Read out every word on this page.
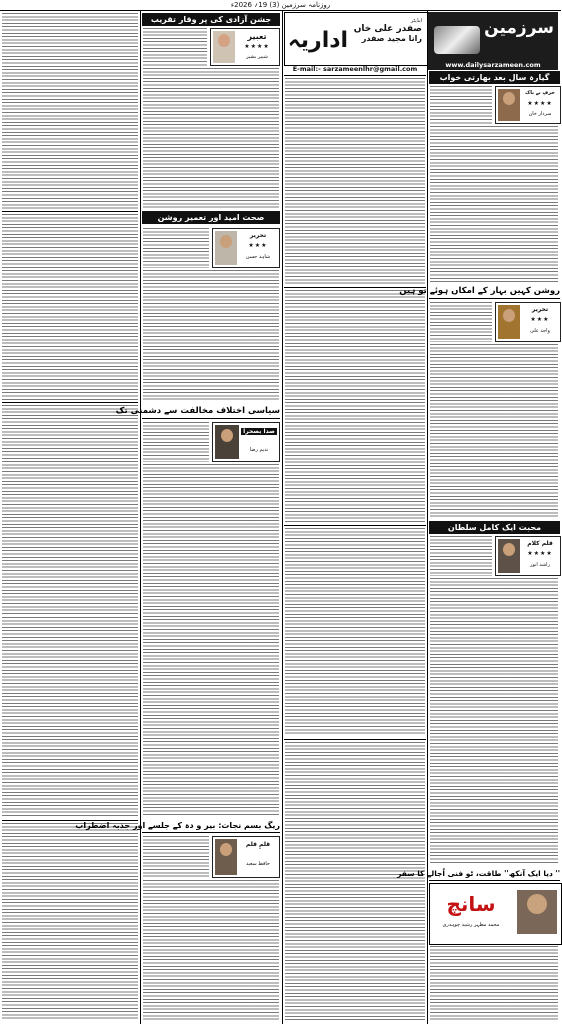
روزنامہ سرزمین (3) 19؍ 2026ء
جشن آزادی کی پر وقار تقریب
تعبیر
★★★★
شبیر بشیر
صحت امید اور تعمیر روشن
تحریر
★★★
شاہد حسن
سیاسی اختلاف مخالفت سے دشمنی تک
صدا بصحرا
ندیم رضا
ریگ بسم نجات: بیر و دہ کے جلسے اور جذبہ اضطراب
قلمِ قلم
حافظ سعید
اداریہ
ایڈیٹر
صفدر علی خاں
رانا مجید صفدر
E-mail:- sarzameenlhr@gmail.com
سرزمین
www.dailysarzameen.com
گیارہ سال بعد بھارتی خواب
حرفِ بے باک
★★★★
سردار خان
روشن کہیں بہار کے امکاں ہوئے تو ہیں
تحریر
★★★
واجد علی
محبت ایک کامل سلطان
قلم کلام
★★★★
راشد انور
'' دیا ایک آنکھ'' طاقت، ٹو فنی اُجالے کا سفر
سانچ
محمد مظہر رشید چوہدری
